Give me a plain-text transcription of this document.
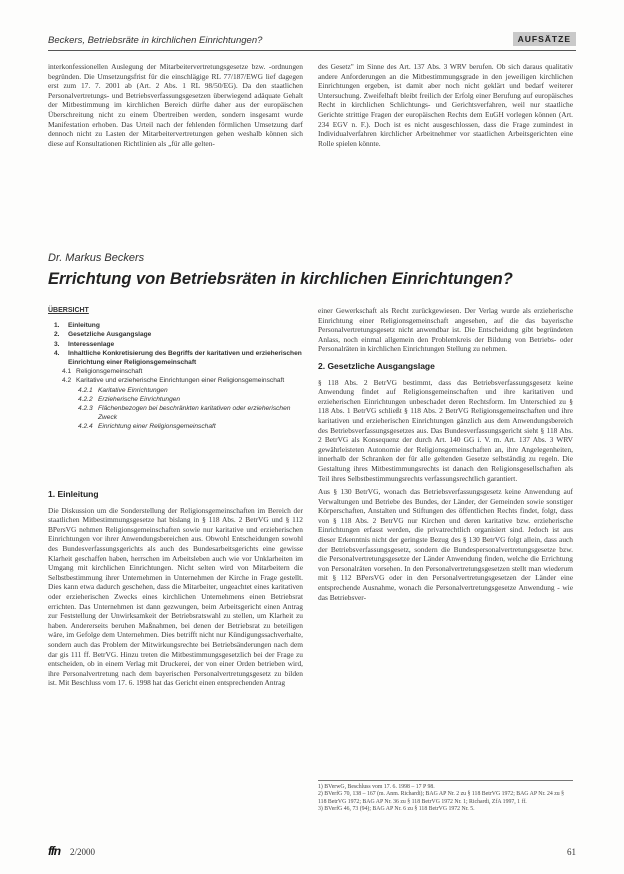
Beckers, Betriebsräte in kirchlichen Einrichtungen?	AUFSÄTZE

interkonfessionellen Auslegung der Mitarbeitervertretungsgesetze bzw. -ordnungen begründen. Die Umsetzungsfrist für die einschlägige RL 77/187/EWG lief dagegen erst zum 17. 7. 2001 ab (Art. 2 Abs. 1 RL 98/50/EG). Da den staatlichen Personalvertretungs- und Betriebsverfassungsgesetzen überwiegend adäquate Gehalt der Mitbestimmung im kirchlichen Bereich dürfte daher aus der europäischen Überschreitung nicht zu einem Übertreiben werden, sondern insgesamt wurde Manifestation erhoben. Das Urteil nach der fehlenden förmlichen Umsetzung darf dennoch nicht zu Lasten der Mitarbeitervertretungen gehen weshalb können sich diese auf Konsultationen Richtlinien als „für alle gelten-

des Gesetz" im Sinne des Art. 137 Abs. 3 WRV berufen. Ob sich daraus qualitativ andere Anforderungen an die Mitbestimmungsgrade in den jeweiligen kirchlichen Einrichtungen ergeben, ist damit aber noch nicht geklärt und bedarf weiterer Untersuchung. Zweifelhaft bleibt freilich der Erfolg einer Berufung auf europäisches Recht in kirchlichen Schlichtungs- und Gerichtsverfahren, weil nur staatliche Gerichte strittige Fragen der europäischen Rechts dem EuGH vorlegen können (Art. 234 EGV n. F.). Doch ist es nicht ausgeschlossen, dass die Frage zumindest in Individualverfahren kirchlicher Arbeitnehmer vor staatlichen Arbeitsgerichten eine Rolle spielen könnte.

Dr. Markus Beckers
Errichtung von Betriebsräten in kirchlichen Einrichtungen?
ÜBERSICHT
1.	Einleitung
2.	Gesetzliche Ausgangslage
3.	Interessenlage
4.	Inhaltliche Konkretisierung des Begriffs der karitativen und erzieherischen Einrichtung einer Religionsgemeinschaft
4.1 Religionsgemeinschaft
4.2 Karitative und erzieherische Einrichtungen einer Religionsgemeinschaft
4.2.1 Karitative Einrichtungen
4.2.2 Erzieherische Einrichtungen
4.2.3 Flächenbezogen bei beschränkten karitativen oder erzieherischen Zweck
4.2.4 Einrichtung einer Religionsgemeinschaft
1. Einleitung

Die Diskussion um die Sonderstellung der Religionsgemeinschaften im Bereich der staatlichen Mitbestimmungsgesetze hat bislang in § 118 Abs. 2 BetrVG und § 112 BPersVG nehmen Religionsgemeinschaften sowie nur karitative und erzieherischen Einrichtungen vor ihrer Anwendungsbereichen aus. Obwohl Entscheidungen sowohl des Bundesverfassungsgerichts als auch des Bundesarbeitsgerichts eine gewisse Klarheit geschaffen haben, herrschen im Arbeitsleben auch wie vor Unklarheiten im Umgang mit kirchlichen Einrichtungen. Nicht selten wird von Mitarbeitern die Selbstbestimmung ihrer Unternehmen in Unternehmen der Kirche in Frage gestellt. Dies kann etwa dadurch geschehen, dass die Mitarbeiter, ungeachtet eines karitativen oder erzieherischen Zwecks eines kirchlichen Unternehmens einen Betriebsrat errichten. Das Unternehmen ist dann gezwungen, beim Arbeitsgericht einen Antrag zur Feststellung der Unwirksamkeit der Betriebsratswahl zu stellen, um Klarheit zu haben. Andererseits beruhen Maßnahmen, bei denen der Betriebsrat zu beteiligen wäre, im Gefolge dem Unternehmen. Dies betrifft nicht nur Kündigungssachverhalte, sondern auch das Problem der Mitwirkungsrechte bei Betriebsänderungen nach dem dar gis 111 ff. BetrVG. Hinzu treten die Mitbestimmungsgesetzlich bei der Frage zu entscheiden, ob in einem Verlag mit Druckerei, der von einer Orden betrieben wird, ihre Personalvertretung nach dem bayerischen Personalvertretungsgesetz zu bilden ist. Mit Beschluss vom 17. 6. 1998 hat das Gericht einen entsprechenden Antrag

einer Gewerkschaft als Recht zurückgewiesen. Der Verlag wurde als erzieherische Einrichtung einer Religionsgemeinschaft angesehen, auf die das bayerische Personalvertretungsgesetz nicht anwendbar ist. Die Entscheidung gibt begründeten Anlass, noch einmal allgemein den Problemkreis der Bildung von Betriebs- oder Personalräten in kirchlichen Einrichtungen Stellung zu nehmen.

2. Gesetzliche Ausgangslage

§ 118 Abs. 2 BetrVG bestimmt, dass das Betriebsverfassungsgesetz keine Anwendung findet auf Religionsgemeinschaften und ihre karitativen und erzieherischen Einrichtungen unbeschadet deren Rechtsform. Im Unterschied zu § 118 Abs. 1 BetrVG schließt § 118 Abs. 2 BetrVG Religionsgemeinschaften und ihre karitativen und erzieherischen Einrichtungen gänzlich aus dem Anwendungsbereich des Betriebsverfassungsgesetzes aus. Das Bundesverfassungsgericht sieht § 118 Abs. 2 BetrVG als Konsequenz der durch Art. 140 GG i. V. m. Art. 137 Abs. 3 WRV gewährleisteten Autonomie der Religionsgemeinschaften an, ihre Angelegenheiten, innerhalb der Schranken der für alle geltenden Gesetze selbständig zu regeln. Die Gestaltung ihres Mitbestimmungsrechts ist danach den Religionsgesellschaften als Teil ihres Selbstbestimmungsrechts verfassungsrechtlich garantiert.

Aus § 130 BetrVG, wonach das Betriebsverfassungsgesetz keine Anwendung auf Verwaltungen und Betriebe des Bundes, der Länder, der Gemeinden sowie sonstiger Körperschaften, Anstalten und Stiftungen des öffentlichen Rechts findet, folgt, dass von § 118 Abs. 2 BetrVG nur Kirchen und deren karitative bzw. erzieherische Einrichtungen erfasst werden, die privatrechtlich organisiert sind. Jedoch ist aus dieser Erkenntnis nicht der geringste Bezug des § 130 BetrVG folgt allein, dass auch der Betriebsverfassungsgesetz, sondern die Bundespersonalvertretungsgesetze bzw. die Personalvertretungsgesetze der Länder Anwendung finden, welche die Errichtung von Personalräten vorsehen. In den Personalvertretungsgesetzen stellt man wiederum mit § 112 BPersVG oder in den Personalvertretungsgesetzen der Länder eine entsprechende Ausnahme, wonach die Personalvertretungsgesetze Anwendung - wie das Betriebsver-

1) BVerwG, Beschluss vom 17. 6. 1998 – 17 P 98.

2) BVerfG 70, 138 – 167 (m. Anm. Richardi); BAG AP Nr. 2 zu § 118 BetrVG 1972; BAG AP Nr. 24 zu § 118 BetrVG 1972; BAG AP Nr. 36 zu § 118 BetrVG 1972 Nr. 1; Richardi, ZfA 1997, 1 ff.

3) BVerfG 46, 73 (94); BAG AP Nr. 6 zu § 118 BetrVG 1972 Nr. 5.

ffn 2/2000	61
